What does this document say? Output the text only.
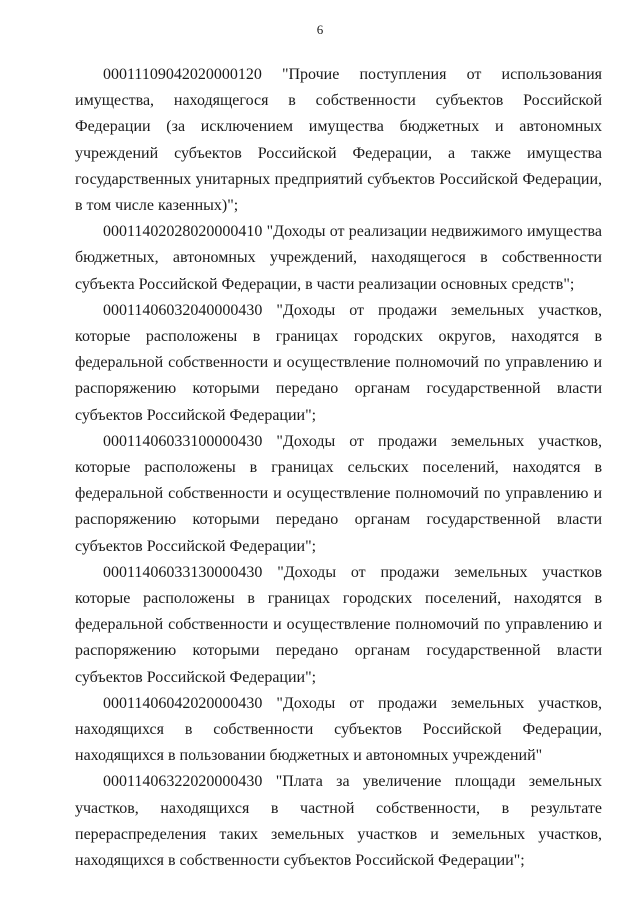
6

00011109042020000120 "Прочие поступления от использования имущества, находящегося в собственности субъектов Российской Федерации (за исключением имущества бюджетных и автономных учреждений субъектов Российской Федерации, а также имущества государственных унитарных предприятий субъектов Российской Федерации, в том числе казенных)";

00011402028020000410 "Доходы от реализации недвижимого имущества бюджетных, автономных учреждений, находящегося в собственности субъекта Российской Федерации, в части реализации основных средств";

00011406032040000430 "Доходы от продажи земельных участков, которые расположены в границах городских округов, находятся в федеральной собственности и осуществление полномочий по управлению и распоряжению которыми передано органам государственной власти субъектов Российской Федерации";

00011406033100000430 "Доходы от продажи земельных участков, которые расположены в границах сельских поселений, находятся в федеральной собственности и осуществление полномочий по управлению и распоряжению которыми передано органам государственной власти субъектов Российской Федерации";

00011406033130000430 "Доходы от продажи земельных участков которые расположены в границах городских поселений, находятся в федеральной собственности и осуществление полномочий по управлению и распоряжению которыми передано органам государственной власти субъектов Российской Федерации";

00011406042020000430 "Доходы от продажи земельных участков, находящихся в собственности субъектов Российской Федерации, находящихся в пользовании бюджетных и автономных учреждений"

00011406322020000430 "Плата за увеличение площади земельных участков, находящихся в частной собственности, в результате перераспределения таких земельных участков и земельных участков, находящихся в собственности субъектов Российской Федерации";
